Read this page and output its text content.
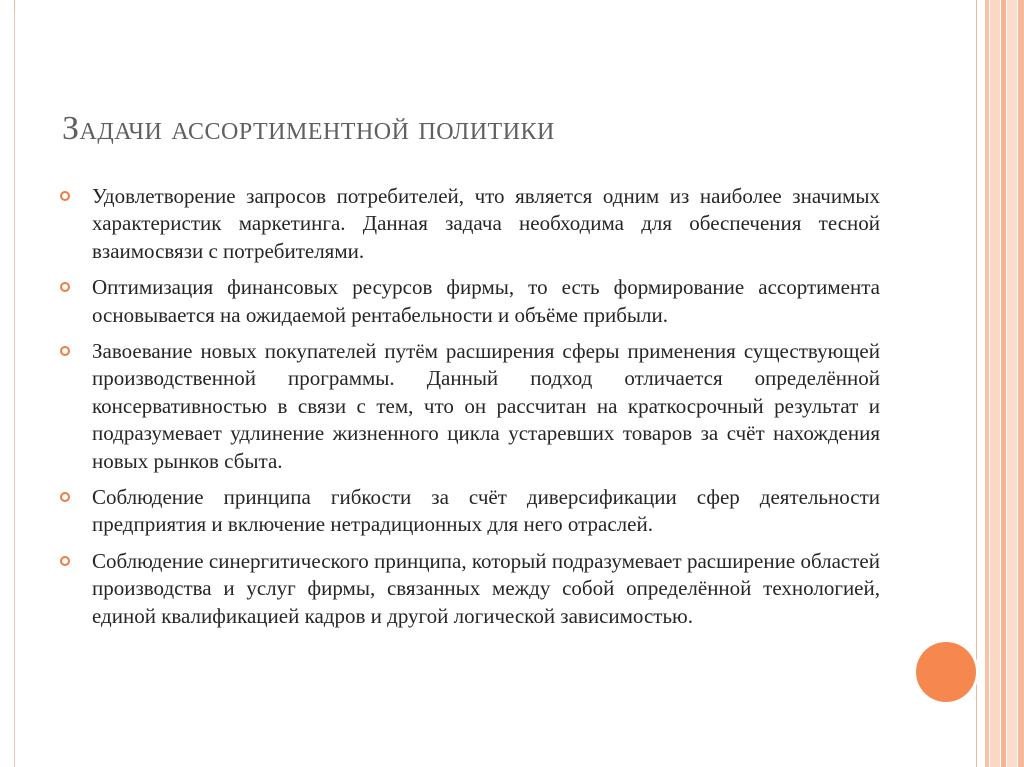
Задачи ассортиментной политики
Удовлетворение запросов потребителей, что является одним из наиболее значимых характеристик маркетинга. Данная задача необходима для обеспечения тесной взаимосвязи с потребителями.
Оптимизация финансовых ресурсов фирмы, то есть формирование ассортимента основывается на ожидаемой рентабельности и объёме прибыли.
Завоевание новых покупателей путём расширения сферы применения существующей производственной программы. Данный подход отличается определённой консервативностью в связи с тем, что он рассчитан на краткосрочный результат и подразумевает удлинение жизненного цикла устаревших товаров за счёт нахождения новых рынков сбыта.
Соблюдение принципа гибкости за счёт диверсификации сфер деятельности предприятия и включение нетрадиционных для него отраслей.
Соблюдение синергитического принципа, который подразумевает расширение областей производства и услуг фирмы, связанных между собой определённой технологией, единой квалификацией кадров и другой логической зависимостью.
